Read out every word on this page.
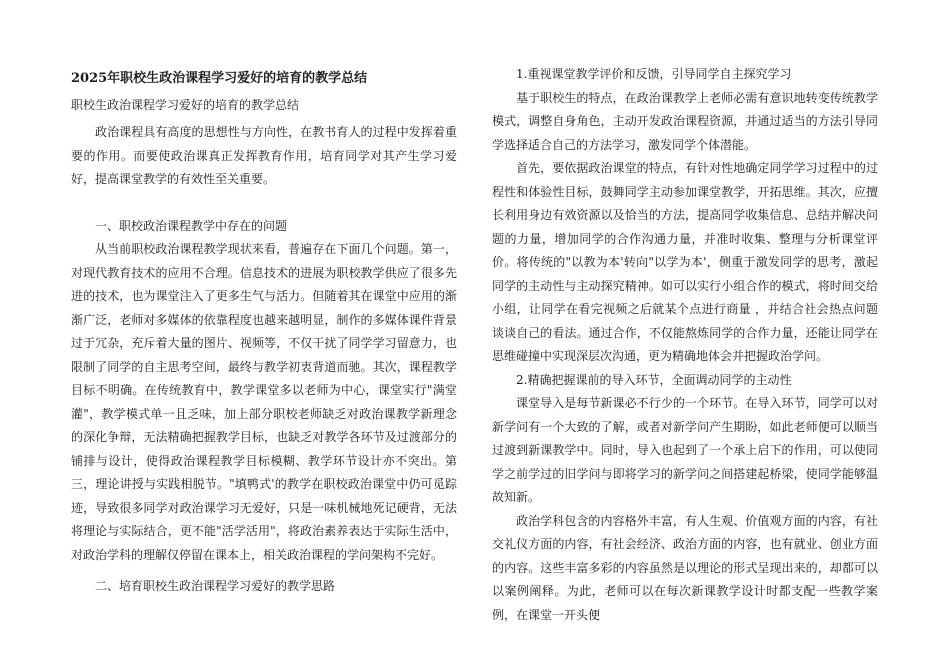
2025年职校生政治课程学习爱好的培育的教学总结
职校生政治课程学习爱好的培育的教学总结

政治课程具有高度的思想性与方向性，在教书育人的过程中发挥着重要的作用。而要使政治课真正发挥教育作用，培育同学对其产生学习爱好，提高课堂教学的有效性至关重要。

一、职校政治课程教学中存在的问题

从当前职校政治课程教学现状来看，普遍存在下面几个问题。第一，对现代教育技术的应用不合理。信息技术的进展为职校教学供应了很多先进的技术，也为课堂注入了更多生气与活力。但随着其在课堂中应用的渐渐广泛，老师对多媒体的依靠程度也越来越明显，制作的多媒体课件背景过于冗杂，充斥着大量的图片、视频等，不仅干扰了同学学习留意力，也限制了同学的自主思考空间，最终与教学初衷背道而驰。其次，课程教学目标不明确。在传统教育中，教学课堂多以老师为中心，课堂实行"满堂灌"，教学模式单一且乏味，加上部分职校老师缺乏对政治课教学新理念的深化争辩，无法精确把握教学目标，也缺乏对教学各环节及过渡部分的铺排与设计，使得政治课程教学目标模糊、教学环节设计亦不突出。第三，理论讲授与实践相脱节。"填鸭式'的教学在职校政治课堂中仍可觅踪迹，导致很多同学对政治课学习无爱好，只是一味机械地死记硬背，无法将理论与实际结合，更不能"活学活用"，将政治素养表达于实际生活中，对政治学科的理解仅停留在课本上，相关政治课程的学问架构不完好。

二、培育职校生政治课程学习爱好的教学思路

1.重视课堂教学评价和反馈，引导同学自主探究学习

基于职校生的特点，在政治课教学上老师必需有意识地转变传统教学模式，调整自身角色，主动开发政治课程资源，并通过适当的方法引导同学选择适合自己的方法学习，激发同学个体潜能。

首先，要依据政治课堂的特点，有针对性地确定同学学习过程中的过程性和体验性目标，鼓舞同学主动参加课堂教学，开拓思维。其次，应擅长利用身边有效资源以及恰当的方法，提高同学收集信息、总结并解决问题的力量，增加同学的合作沟通力量，并准时收集、整理与分析课堂评价。将传统的"以教为本'转向"以学为本'，侧重于激发同学的思考，激起同学的主动性与主动探究精神。如可以实行小组合作的模式，将时间交给小组，让同学在看完视频之后就某个点进行商量 ，并结合社会热点问题谈谈自己的看法。通过合作，不仅能熬炼同学的合作力量，还能让同学在思维碰撞中实现深层次沟通，更为精确地体会并把握政治学问。

2.精确把握课前的导入环节，全面调动同学的主动性

课堂导入是每节新课必不行少的一个环节。在导入环节，同学可以对新学问有一个大致的了解，或者对新学问产生期盼，如此老师便可以顺当过渡到新课教学中。同时，导入也起到了一个承上启下的作用，可以使同学之前学过的旧学问与即将学习的新学问之间搭建起桥梁，使同学能够温故知新。

政治学科包含的内容格外丰富，有人生观、价值观方面的内容，有社交礼仪方面的内容，有社会经济、政治方面的内容，也有就业、创业方面的内容。这些丰富多彩的内容虽然是以理论的形式呈现出来的，却都可以以案例阐释。为此，老师可以在每次新课教学设计时都支配一些教学案例，在课堂一开头便
